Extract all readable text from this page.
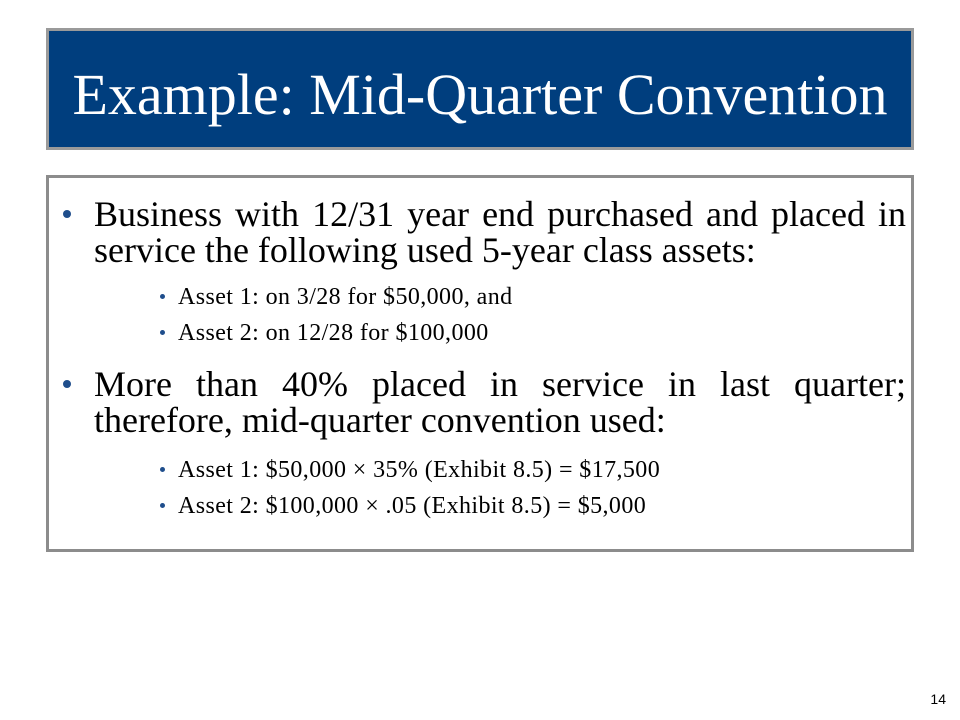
Example: Mid-Quarter Convention
Business with 12/31 year end purchased and placed in service the following used 5-year class assets:
Asset 1: on 3/28 for $50,000, and
Asset 2: on 12/28 for $100,000
More than 40% placed in service in last quarter; therefore, mid-quarter convention used:
Asset 1: $50,000 × 35% (Exhibit 8.5) = $17,500
Asset 2: $100,000 × .05 (Exhibit 8.5) = $5,000
14
